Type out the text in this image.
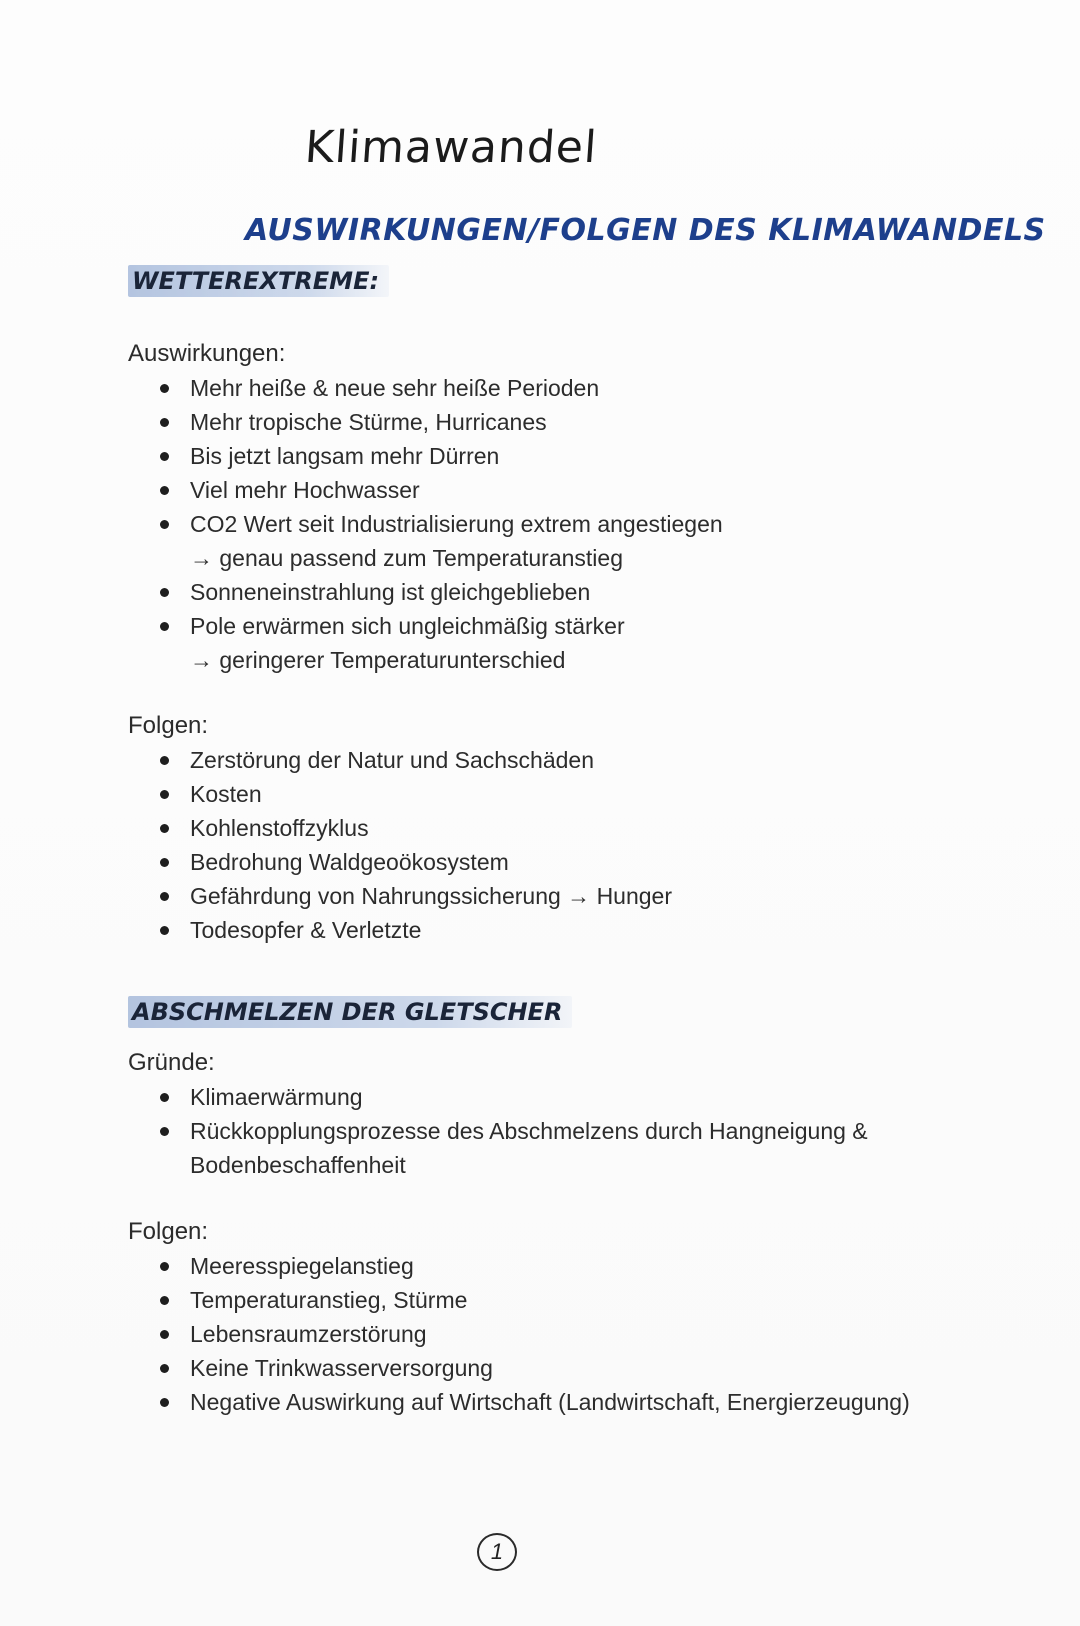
Klimawandel
AUSWIRKUNGEN/FOLGEN DES KLIMAWANDELS
WETTEREXTREME:
Auswirkungen:
Mehr heiße & neue sehr heiße Perioden
Mehr tropische Stürme, Hurricanes
Bis jetzt langsam mehr Dürren
Viel mehr Hochwasser
CO2 Wert seit Industrialisierung extrem angestiegen
→ genau passend zum Temperaturanstieg
Sonneneinstrahlung ist gleichgeblieben
Pole erwärmen sich ungleichmäßig stärker
→ geringerer Temperaturunterschied
Folgen:
Zerstörung der Natur und Sachschäden
Kosten
Kohlenstoffzyklus
Bedrohung Waldgeoökosystem
Gefährdung von Nahrungssicherung → Hunger
Todesopfer & Verletzte
ABSCHMELZEN DER GLETSCHER
Gründe:
Klimaerwärmung
Rückkopplungsprozesse des Abschmelzens durch Hangneigung &
Bodenbeschaffenheit
Folgen:
Meeresspiegelanstieg
Temperaturanstieg, Stürme
Lebensraumzerstörung
Keine Trinkwasserversorgung
Negative Auswirkung auf Wirtschaft (Landwirtschaft, Energierzeugung)
1
